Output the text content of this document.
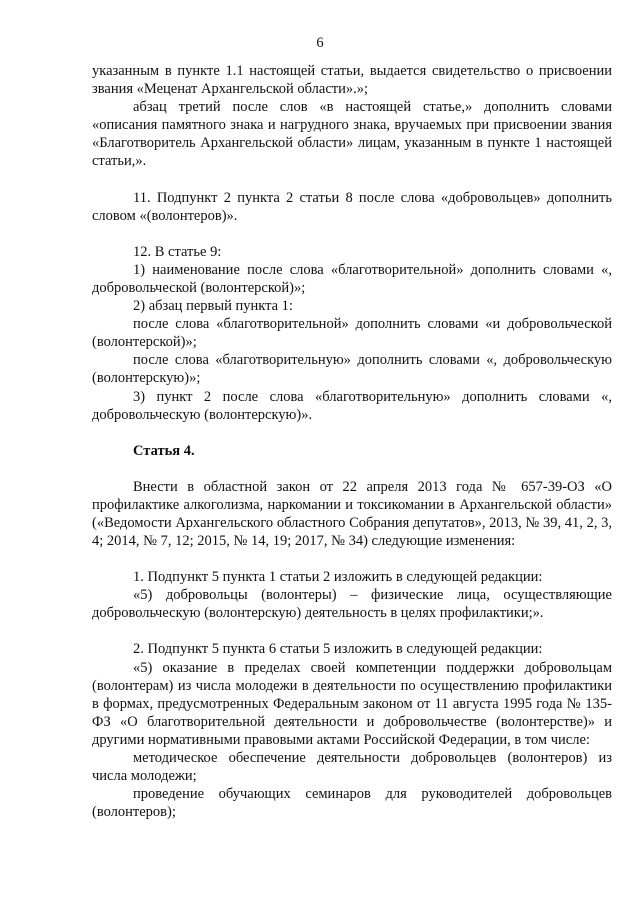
6

указанным в пункте 1.1 настоящей статьи, выдается свидетельство о присвоении звания «Меценат Архангельской области».»;

абзац третий после слов «в настоящей статье,» дополнить словами «описания памятного знака и нагрудного знака, вручаемых при присвоении звания «Благотворитель Архангельской области» лицам, указанным в пункте 1 настоящей статьи,».

11. Подпункт 2 пункта 2 статьи 8 после слова «добровольцев» дополнить словом «(волонтеров)».

12. В статье 9:

1) наименование после слова «благотворительной» дополнить словами «, добровольческой (волонтерской)»;

2) абзац первый пункта 1:

после слова «благотворительной» дополнить словами «и добровольческой (волонтерской)»;

после слова «благотворительную» дополнить словами «, добровольческую (волонтерскую)»;

3) пункт 2 после слова «благотворительную» дополнить словами «, добровольческую (волонтерскую)».

Статья 4.

Внести в областной закон от 22 апреля 2013 года № 657-39-ОЗ «О профилактике алкоголизма, наркомании и токсикомании в Архангельской области» («Ведомости Архангельского областного Собрания депутатов», 2013, № 39, 41, 2, 3, 4; 2014, № 7, 12; 2015, № 14, 19; 2017, № 34) следующие изменения:

1. Подпункт 5 пункта 1 статьи 2 изложить в следующей редакции:

«5) добровольцы (волонтеры) – физические лица, осуществляющие добровольческую (волонтерскую) деятельность в целях профилактики;».

2. Подпункт 5 пункта 6 статьи 5 изложить в следующей редакции:

«5) оказание в пределах своей компетенции поддержки добровольцам (волонтерам) из числа молодежи в деятельности по осуществлению профилактики в формах, предусмотренных Федеральным законом от 11 августа 1995 года № 135-ФЗ «О благотворительной деятельности и добровольчестве (волонтерстве)» и другими нормативными правовыми актами Российской Федерации, в том числе:

методическое обеспечение деятельности добровольцев (волонтеров) из числа молодежи;

проведение обучающих семинаров для руководителей добровольцев (волонтеров);
